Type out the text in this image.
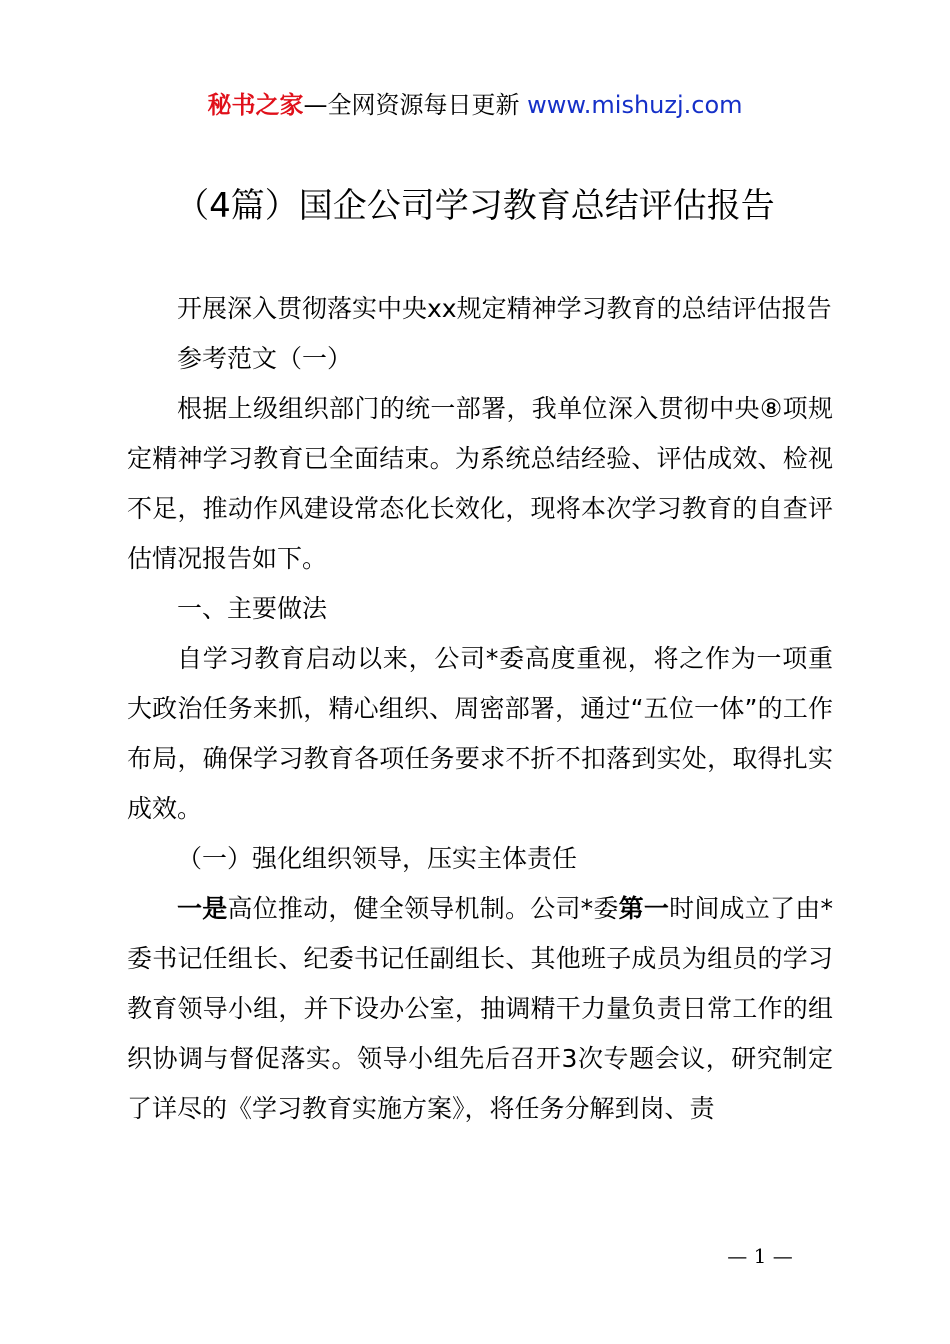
秘书之家—全网资源每日更新 www.mishuzj.com
（4篇）国企公司学习教育总结评估报告

开展深入贯彻落实中央xx规定精神学习教育的总结评估报告

参考范文（一）

根据上级组织部门的统一部署，我单位深入贯彻中央⑧项规定精神学习教育已全面结束。为系统总结经验、评估成效、检视不足，推动作风建设常态化长效化，现将本次学习教育的自查评估情况报告如下。

一、主要做法

自学习教育启动以来，公司*委高度重视，将之作为一项重大政治任务来抓，精心组织、周密部署，通过“五位一体”的工作布局，确保学习教育各项任务要求不折不扣落到实处，取得扎实成效。

（一）强化组织领导，压实主体责任

一是高位推动，健全领导机制。公司*委第一时间成立了由*委书记任组长、纪委书记任副组长、其他班子成员为组员的学习教育领导小组，并下设办公室，抽调精干力量负责日常工作的组织协调与督促落实。领导小组先后召开3次专题会议，研究制定了详尽的《学习教育实施方案》，将任务分解到岗、责

— 1 —
